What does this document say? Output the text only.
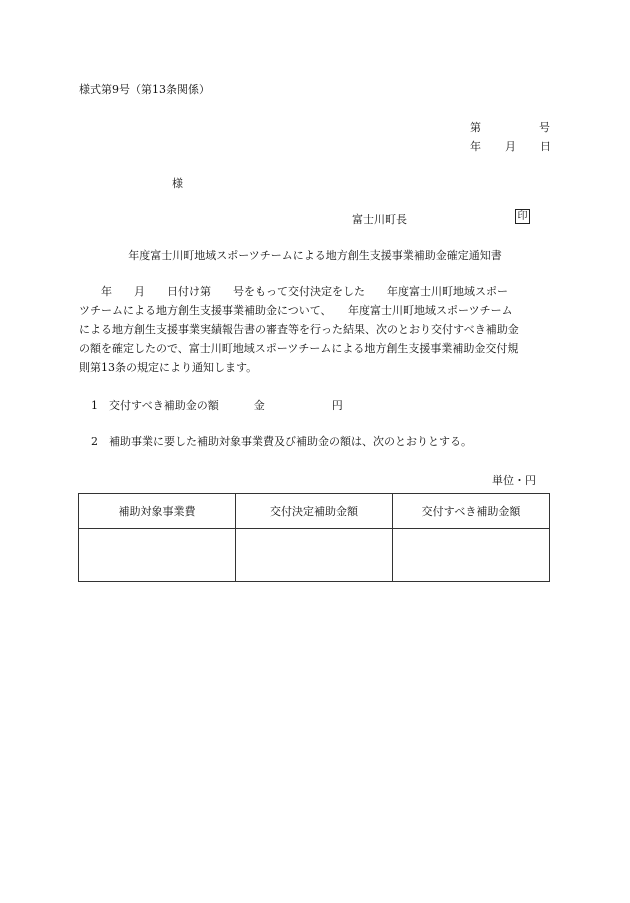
様式第9号（第13条関係）
第	号
年 月 日
様
富士川町長	印
年度富士川町地域スポーツチームによる地方創生支援事業補助金確定通知書
　　年　　月　　日付け第　　号をもって交付決定をした　　年度富士川町地域スポー
ツチームによる地方創生支援事業補助金について、　　年度富士川町地域スポーツチーム
による地方創生支援事業実績報告書の審査等を行った結果、次のとおり交付すべき補助金
の額を確定したので、富士川町地域スポーツチームによる地方創生支援事業補助金交付規
則第13条の規定により通知します。
1　交付すべき補助金の額	金	円
2　補助事業に要した補助対象事業費及び補助金の額は、次のとおりとする。
単位・円
補助対象事業費	交付決定補助金額	交付すべき補助金額
